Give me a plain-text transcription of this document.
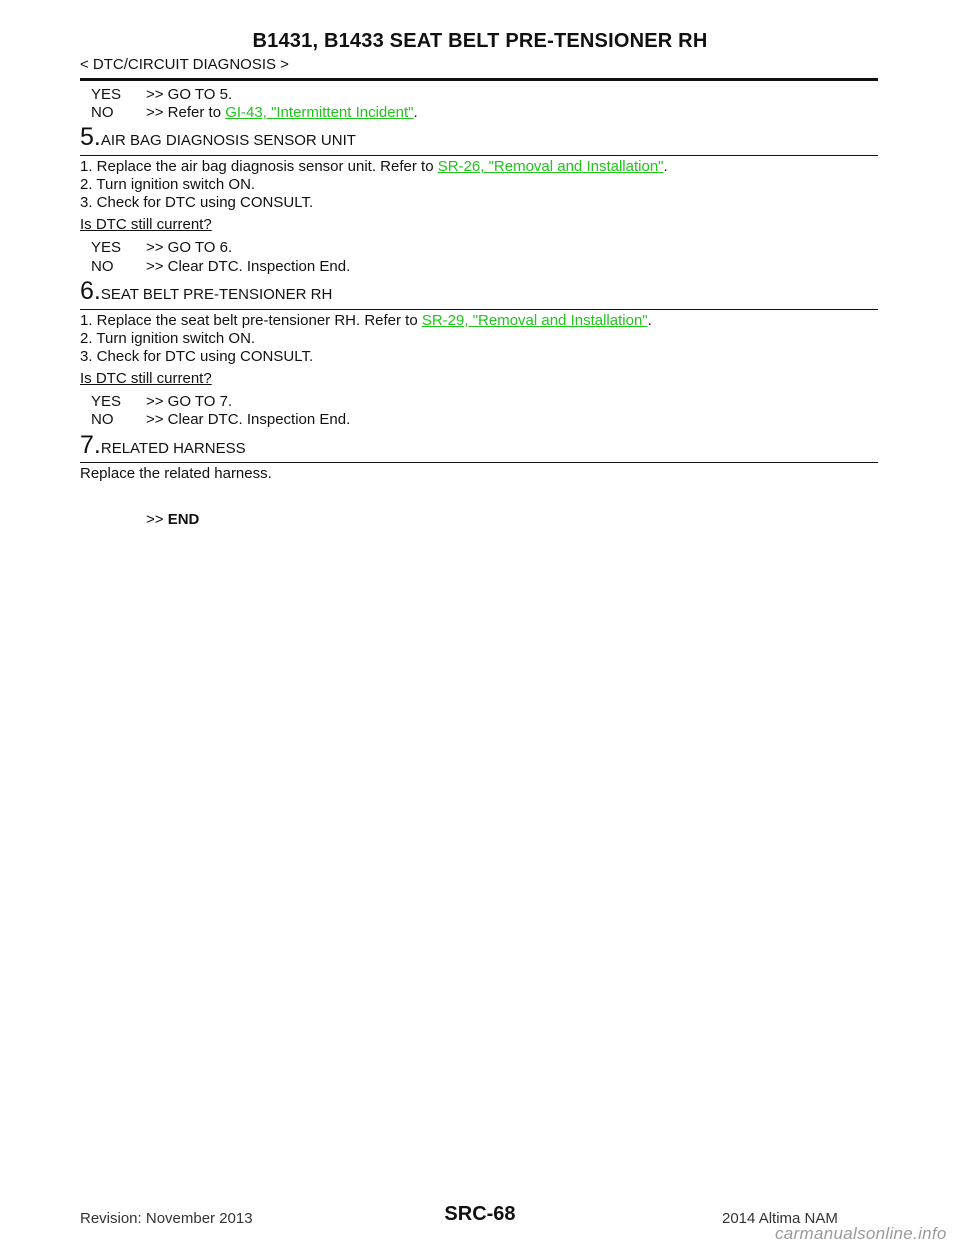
B1431, B1433 SEAT BELT PRE-TENSIONER RH
< DTC/CIRCUIT DIAGNOSIS >
YES >> GO TO 5.
NO >> Refer to GI-43, "Intermittent Incident".
5.AIR BAG DIAGNOSIS SENSOR UNIT
1. Replace the air bag diagnosis sensor unit. Refer to SR-26, "Removal and Installation".
2. Turn ignition switch ON.
3. Check for DTC using CONSULT.
Is DTC still current?
YES >> GO TO 6.
NO >> Clear DTC. Inspection End.
6.SEAT BELT PRE-TENSIONER RH
1. Replace the seat belt pre-tensioner RH. Refer to SR-29, "Removal and Installation".
2. Turn ignition switch ON.
3. Check for DTC using CONSULT.
Is DTC still current?
YES >> GO TO 7.
NO >> Clear DTC. Inspection End.
7.RELATED HARNESS
Replace the related harness.
>> END
Revision: November 2013	SRC-68	2014 Altima NAM
carmanualsonline.info
